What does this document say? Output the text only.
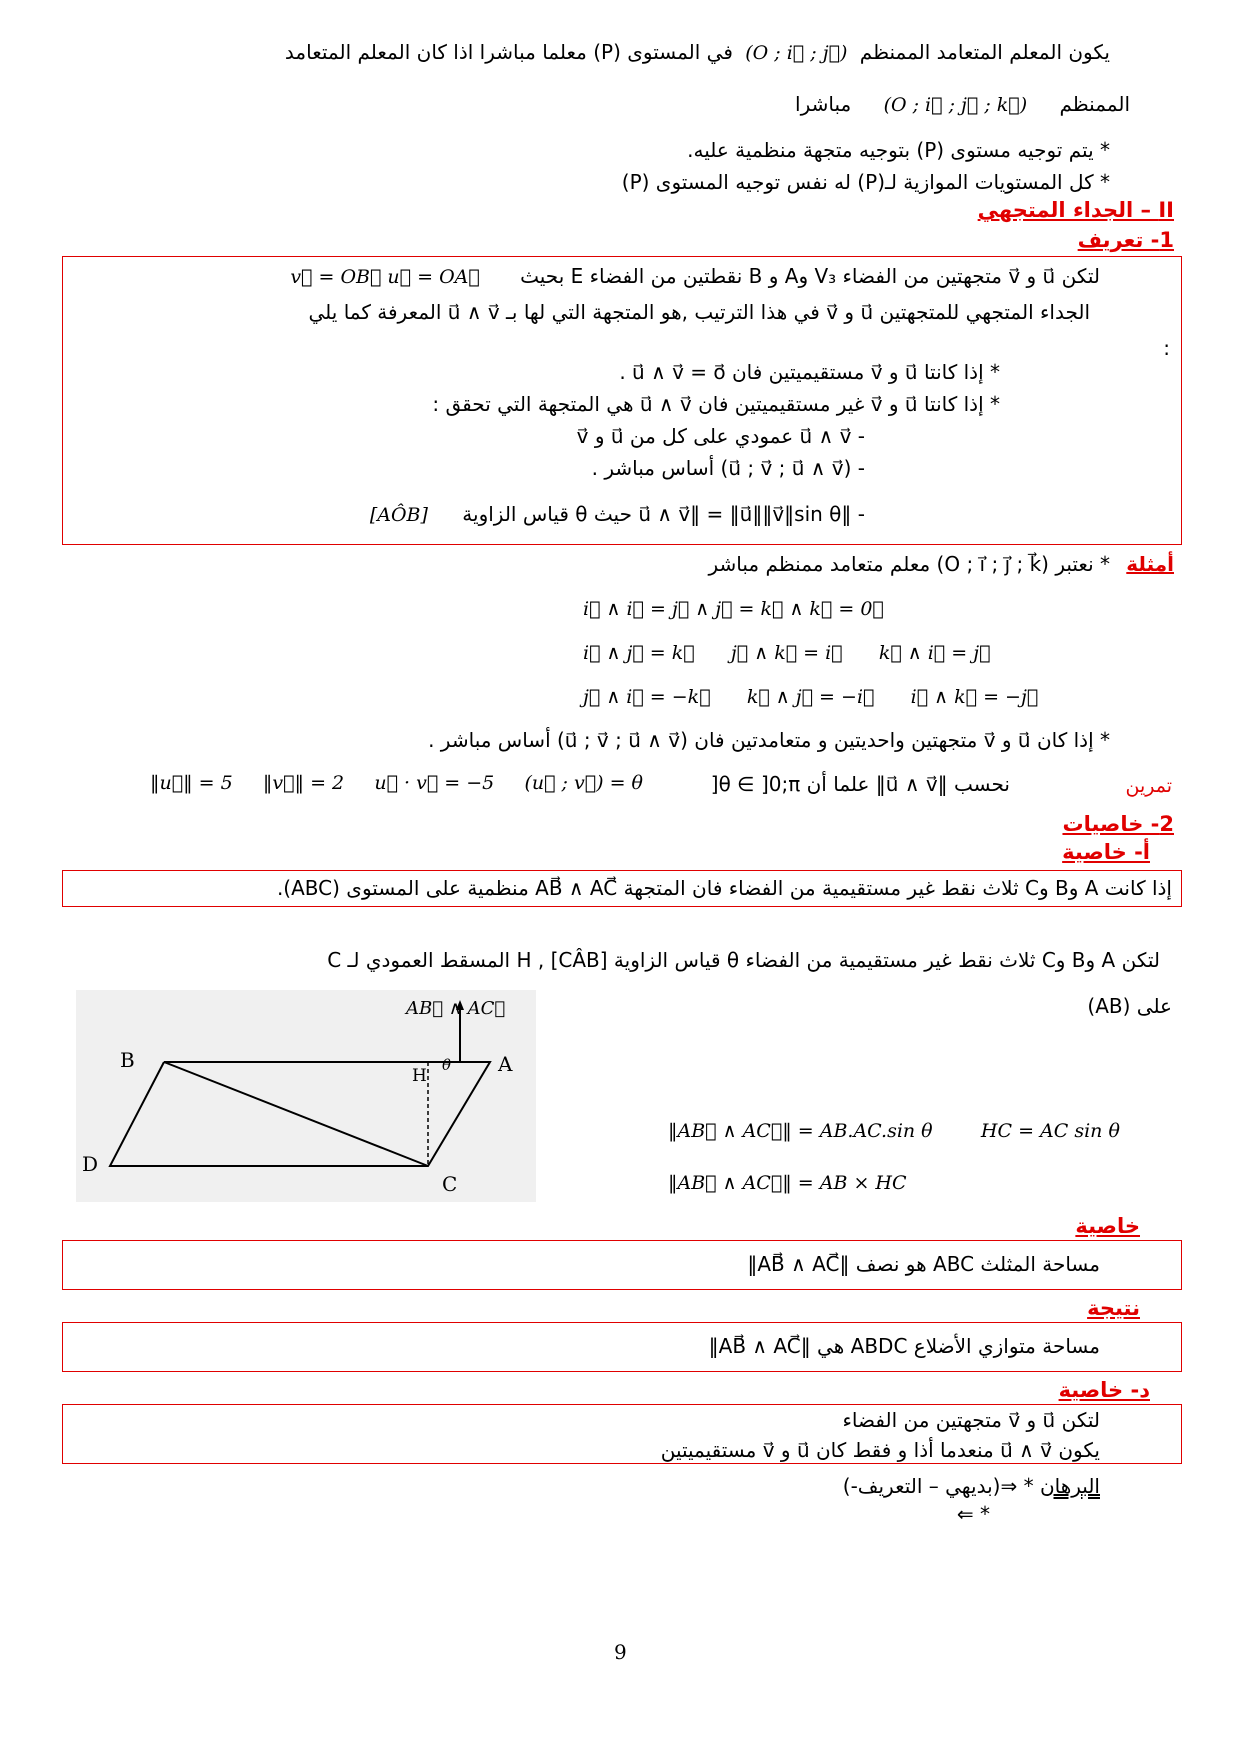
يكون المعلم المتعامد الممنظم (O ; i⃗ ; j⃗) في المستوى (P) معلما مباشرا اذا كان المعلم المتعامد
الممنظم (O ; i⃗ ; j⃗ ; k⃗) مباشرا
* يتم توجيه مستوى (P) بتوجيه متجهة منظمية عليه.
* كل المستويات الموازية لـ(P) له نفس توجيه المستوى (P)
II – الجداء المتجهي
1- تعريف
لتكن u⃗ و v⃗ متجهتين من الفضاء V₃ وA و B نقطتين من الفضاء E بحيث v⃗ = OB⃗ u⃗ = OA⃗
الجداء المتجهي للمتجهتين u⃗ و v⃗ في هذا الترتيب ,هو المتجهة التي لها بـ u⃗ ∧ v⃗ المعرفة كما يلي
:
* إذا كانتا u⃗ و v⃗ مستقيميتين فان u⃗ ∧ v⃗ = o⃗ .
* إذا كانتا u⃗ و v⃗ غير مستقيميتين فان u⃗ ∧ v⃗ هي المتجهة التي تحقق :
- u⃗ ∧ v⃗ عمودي على كل من u⃗ و v⃗
- (u⃗ ; v⃗ ; u⃗ ∧ v⃗) أساس مباشر .
- ‖u⃗ ∧ v⃗‖ = ‖u⃗‖‖v⃗‖sin θ حيث θ قياس الزاوية [AÔB]
أمثلة
* نعتبر (O ; i⃗ ; j⃗ ; k⃗) معلم متعامد ممنظم مباشر
i⃗ ∧ i⃗ = j⃗ ∧ j⃗ = k⃗ ∧ k⃗ = 0⃗
i⃗ ∧ j⃗ = k⃗      j⃗ ∧ k⃗ = i⃗      k⃗ ∧ i⃗ = j⃗
j⃗ ∧ i⃗ = −k⃗      k⃗ ∧ j⃗ = −i⃗      i⃗ ∧ k⃗ = −j⃗
* إذا كان u⃗ و v⃗ متجهتين واحديتين و متعامدتين فان (u⃗ ; v⃗ ; u⃗ ∧ v⃗) أساس مباشر .
تمرين
نحسب ‖u⃗ ∧ v⃗‖ علما أن θ ∈ ]0;π[
‖u⃗‖ = 5     ‖v⃗‖ = 2     u⃗ · v⃗ = −5     (u⃗ ; v⃗) = θ
2- خاصيات
أ- خاصية
إذا كانت A وB وC ثلاث نقط غير مستقيمية من الفضاء فان المتجهة AB⃗ ∧ AC⃗ منظمية على المستوى (ABC).
لتكن A وB وC ثلاث نقط غير مستقيمية من الفضاء θ قياس الزاوية [CÂB] , H المسقط العمودي لـ C
على (AB)
AB⃗ ∧ AC⃗
B	A
H
θ
D
C
‖AB⃗ ∧ AC⃗‖ = AB.AC.sin θ        HC = AC sin θ
‖AB⃗ ∧ AC⃗‖ = AB × HC
خاصية
مساحة المثلث ABC هو نصف ‖AB⃗ ∧ AC⃗‖
نتيجة
مساحة متوازي الأضلاع ABDC هي ‖AB⃗ ∧ AC⃗‖
د- خاصية
لتكن u⃗ و v⃗ متجهتين من الفضاء
يكون u⃗ ∧ v⃗ منعدما أذا و فقط كان u⃗ و v⃗ مستقيميتين
البرهان * ⇒(بديهي – التعريف-)
* ⇐
9
